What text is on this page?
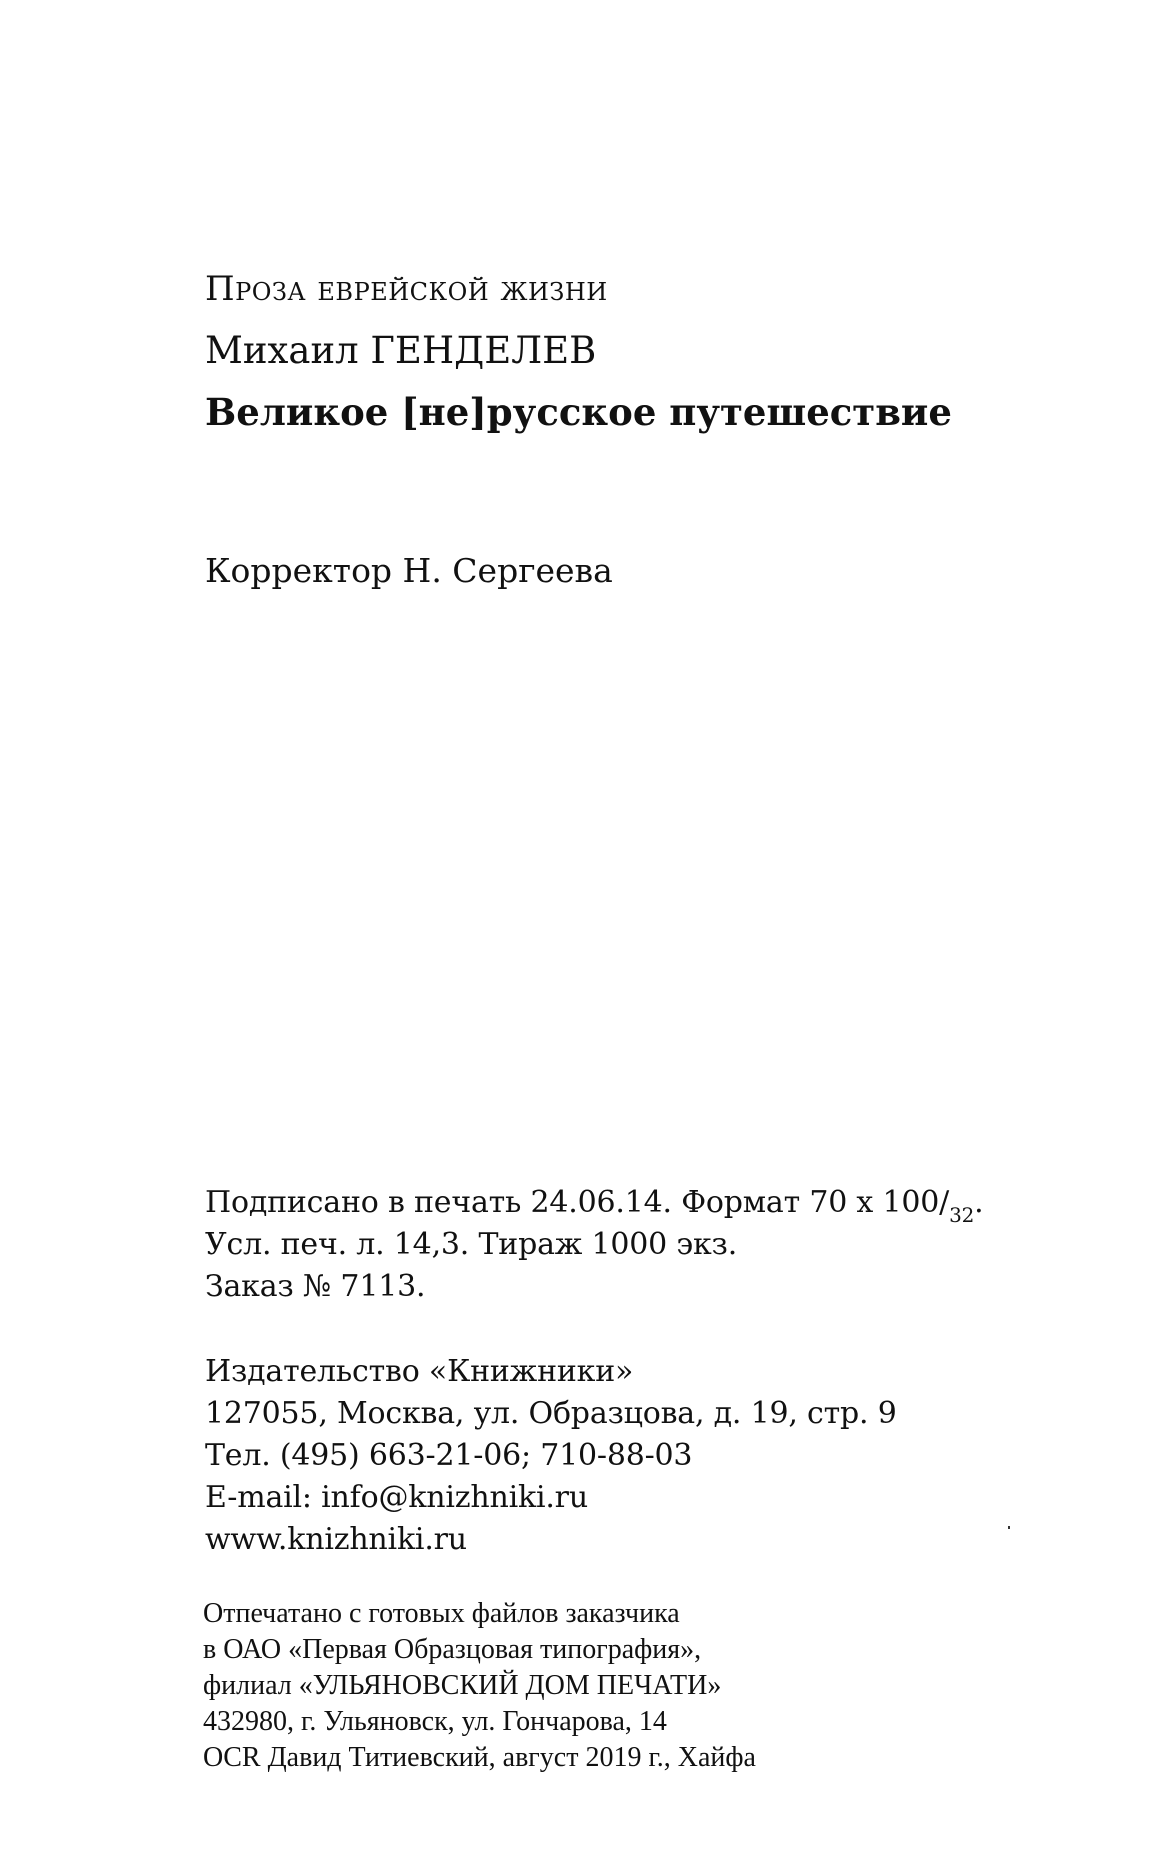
Проза еврейской жизни

Михаил ГЕНДЕЛЕВ

Великое [не]русское путешествие

Корректор Н. Сергеева

Подписано в печать 24.06.14. Формат 70 х $100/_{32}$.

Усл. печ. л. 14,3. Тираж 1000 экз.

Заказ № 7113.

Издательство «Книжники»

127055, Москва, ул. Образцова, д. 19, стр. 9

Тел. (495) 663-21-06; 710-88-03

E-mail: info@knizhniki.ru

www.knizhniki.ru

Отпечатано с готовых файлов заказчика

в ОАО «Первая Образцовая типография»,

филиал «УЛЬЯНОВСКИЙ ДОМ ПЕЧАТИ»

432980, г. Ульяновск, ул. Гончарова, 14

OCR Давид Титиевский, август 2019 г., Хайфа
